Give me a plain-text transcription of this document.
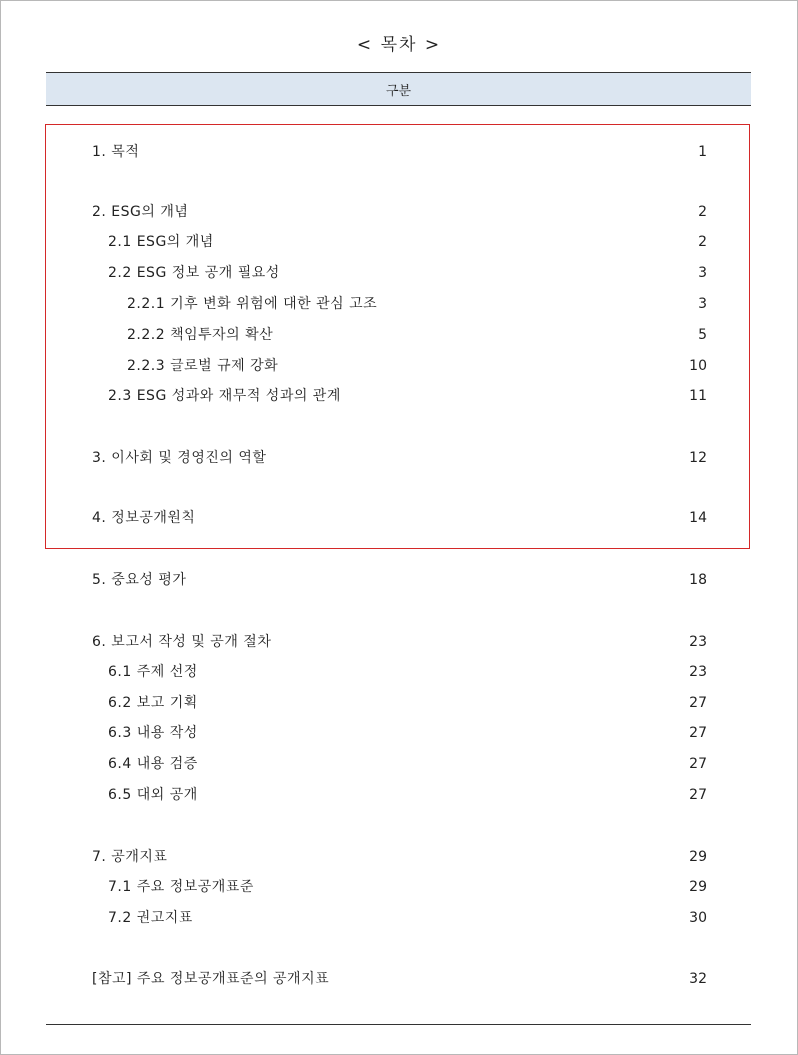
< 목차 >
구분
1. 목적	1
2. ESG의 개념	2
2.1 ESG의 개념	2
2.2 ESG 정보 공개 필요성	3
2.2.1 기후 변화 위험에 대한 관심 고조	3
2.2.2 책임투자의 확산	5
2.2.3 글로벌 규제 강화	10
2.3 ESG 성과와 재무적 성과의 관계	11
3. 이사회 및 경영진의 역할	12
4. 정보공개원칙	14
5. 중요성 평가	18
6. 보고서 작성 및 공개 절차	23
6.1 주제 선정	23
6.2 보고 기획	27
6.3 내용 작성	27
6.4 내용 검증	27
6.5 대외 공개	27
7. 공개지표	29
7.1 주요 정보공개표준	29
7.2 권고지표	30
[참고] 주요 정보공개표준의 공개지표	32
